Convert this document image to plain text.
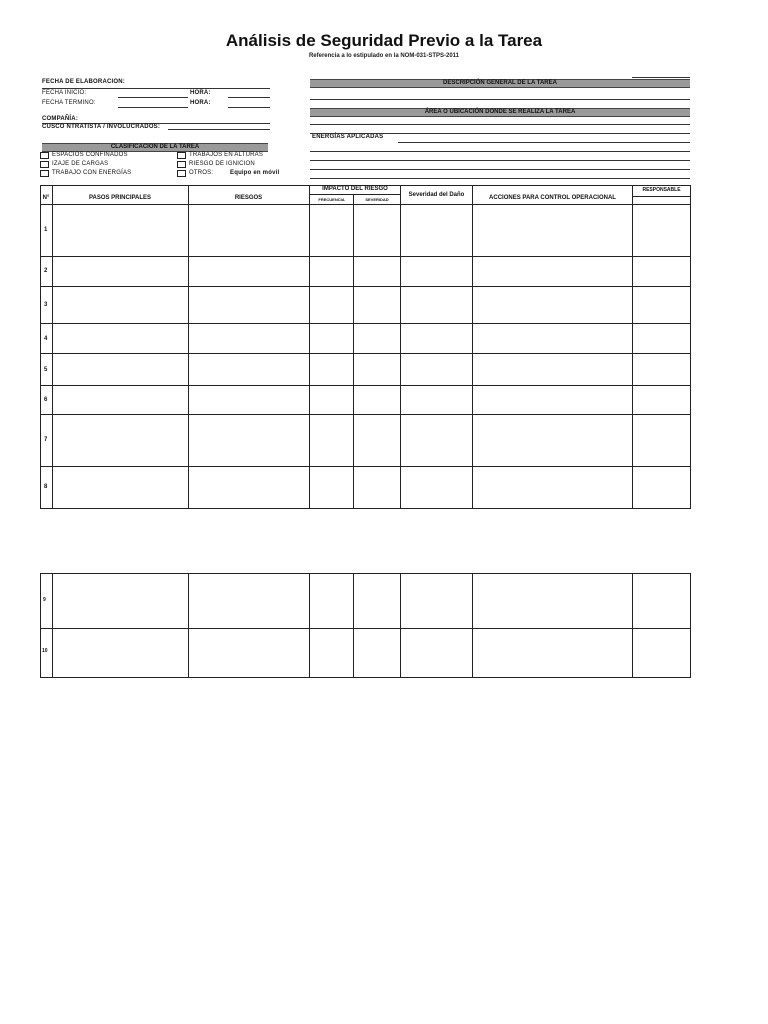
Análisis de Seguridad Previo a la Tarea
Referencia a lo estipulado en la NOM-031-STPS-2011
FECHA DE ELABORACION:
FECHA INICIO:	HORA:
FECHA TERMINO:	HORA:
COMPAÑÍA:
CUSCO NTRATISTA / INVOLUCRADOS:
CLASIFICACION DE LA TAREA
ESPACIOS CONFINADOS	TRABAJOS EN ALTURAS
IZAJE DE CARGAS	RIESGO DE IGNICION
TRABAJO CON ENERGÍAS	OTROS:	Equipo en móvil
DESCRIPCIÓN GENERAL DE LA TAREA
ÁREA O UBICACIÓN DONDE SE REALIZA LA TAREA
ENERGÍAS APLICADAS
N°	PASOS PRINCIPALES	RIESGOS
IMPACTO DEL RIESGO
FRECUENCIA	SEVERIDAD
Severidad del Daño	ACCIONES PARA CONTROL OPERACIONAL
RESPONSABLE
1
2
3
4
5
6
7
8
9
10
